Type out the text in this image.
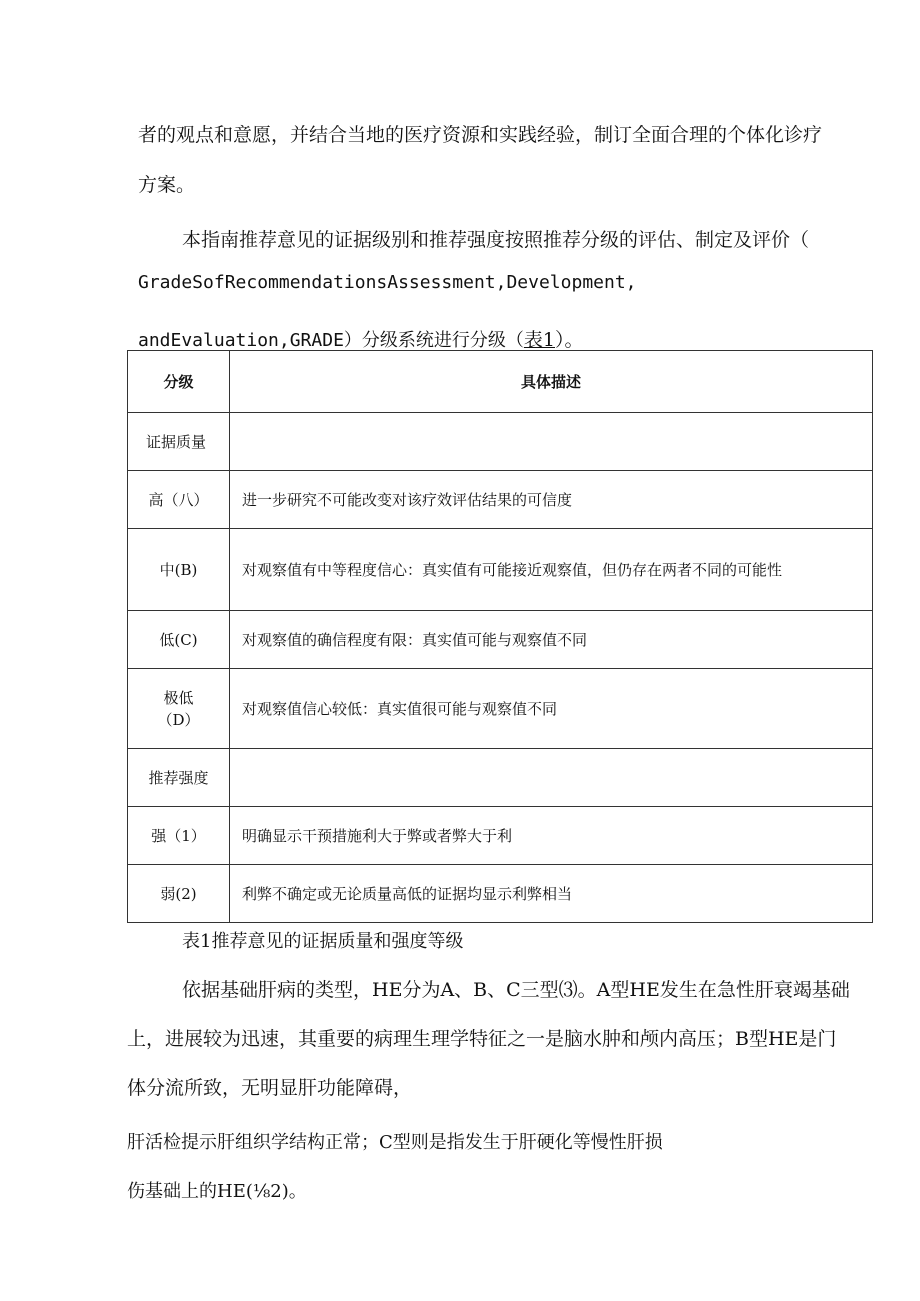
者的观点和意愿，并结合当地的医疗资源和实践经验，制订全面合理的个体化诊疗
方案。
本指南推荐意见的证据级别和推荐强度按照推荐分级的评估、制定及评价（
GradeSofRecommendationsAssessment,Development,
andEvaluation,GRADE）分级系统进行分级（表1）。
分级	具体描述
证据质量	
高（八）	进一步研究不可能改变对该疗效评估结果的可信度
中(B)	对观察值有中等程度信心：真实值有可能接近观察值，但仍存在两者不同的可能性
低(C)	对观察值的确信程度有限：真实值可能与观察值不同

极低
（D）	对观察值信心较低：真实值很可能与观察值不同
推荐强度	
强（1）	明确显示干预措施利大于弊或者弊大于利
弱(2)	利弊不确定或无论质量高低的证据均显示利弊相当
表1推荐意见的证据质量和强度等级
依据基础肝病的类型，HE分为A、B、C三型⑶。A型HE发生在急性肝衰竭基础
上，进展较为迅速，其重要的病理生理学特征之一是脑水肿和颅内高压；B型HE是门
体分流所致，无明显肝功能障碍，
肝活检提示肝组织学结构正常；C型则是指发生于肝硬化等慢性肝损
伤基础上的HE(⅛2)。
